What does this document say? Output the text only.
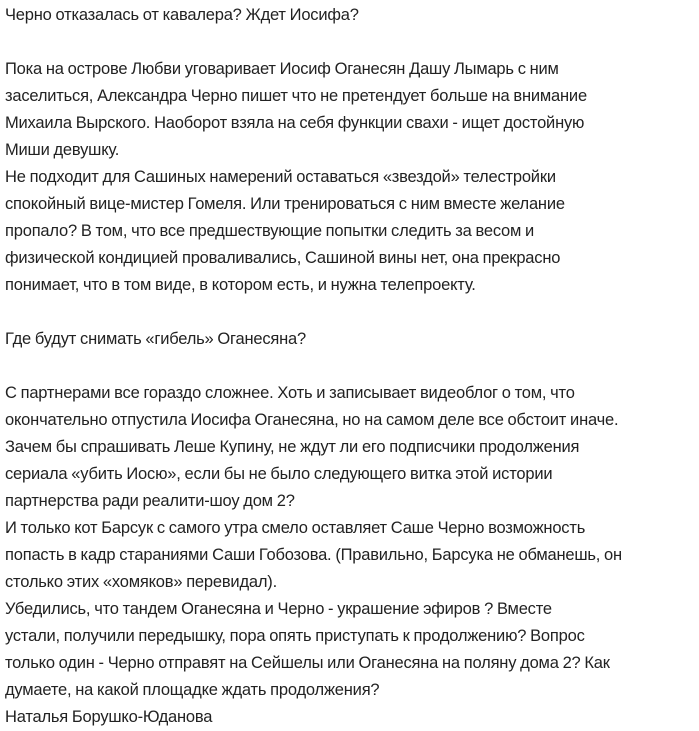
Черно отказалась от кавалера? Ждет Иосифа?

Пока на острове Любви уговаривает Иосиф Оганесян Дашу Лымарь с ним
заселиться, Александра Черно пишет что не претендует больше на внимание
Михаила Вырского. Наоборот взяла на себя функции свахи - ищет достойную
Миши девушку.

Не подходит для Сашиных намерений оставаться «звездой» телестройки
спокойный вице-мистер Гомеля. Или тренироваться с ним вместе желание
пропало? В том, что все предшествующие попытки следить за весом и
физической кондицией проваливались, Сашиной вины нет, она прекрасно
понимает, что в том виде, в котором есть, и нужна телепроекту.

Где будут снимать «гибель» Оганесяна?

С партнерами все гораздо сложнее. Хоть и записывает видеоблог о том, что
окончательно отпустила Иосифа Оганесяна, но на самом деле все обстоит иначе.
Зачем бы спрашивать Леше Купину, не ждут ли его подписчики продолжения
сериала «убить Иосю», если бы не было следующего витка этой истории
партнерства ради реалити-шоу дом 2?

И только кот Барсук с самого утра смело оставляет Саше Черно возможность
попасть в кадр стараниями Саши Гобозова. (Правильно, Барсука не обманешь, он
столько этих «хомяков» перевидал).

Убедились, что тандем Оганесяна и Черно - украшение эфиров ? Вместе
устали, получили передышку, пора опять приступать к продолжению? Вопрос
только один - Черно отправят на Сейшелы или Оганесяна на поляну дома 2? Как
думаете, на какой площадке ждать продолжения?

Наталья Борушко-Юданова
